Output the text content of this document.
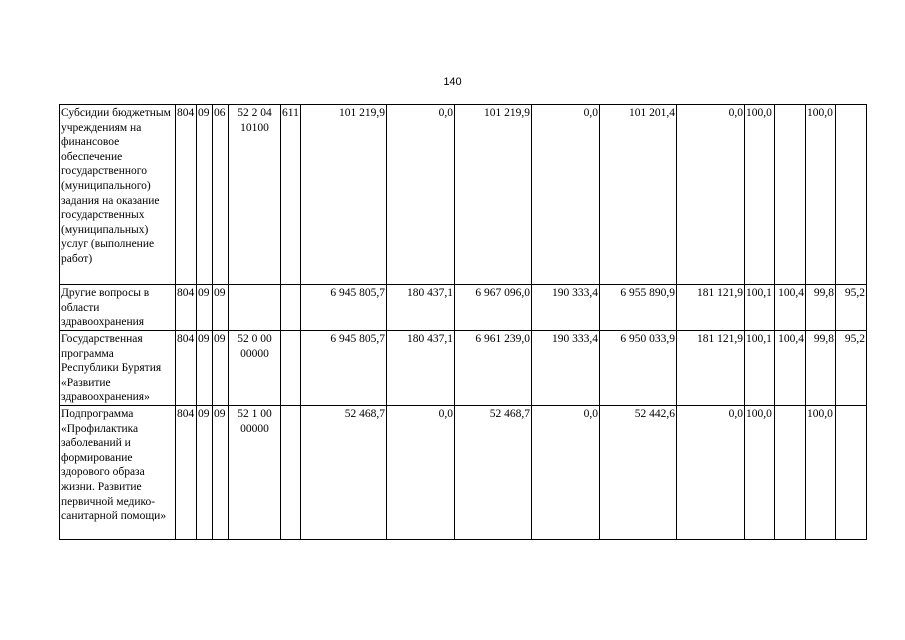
140
Субсидии бюджетным учреждениям на финансовое обеспечение государственного (муниципального) задания на оказание государственных (муниципальных) услуг (выполнение работ)	804	09	06	52 2 04 10100	611	101 219,9	0,0	101 219,9	0,0	101 201,4	0,0	100,0		100,0	
Другие вопросы в области здравоохранения	804	09	09			6 945 805,7	180 437,1	6 967 096,0	190 333,4	6 955 890,9	181 121,9	100,1	100,4	99,8	95,2
Государственная программа Республики Бурятия «Развитие здравоохранения»	804	09	09	52 0 00 00000		6 945 805,7	180 437,1	6 961 239,0	190 333,4	6 950 033,9	181 121,9	100,1	100,4	99,8	95,2
Подпрограмма «Профилактика заболеваний и формирование здорового образа жизни. Развитие первичной медико-санитарной помощи»	804	09	09	52 1 00 00000		52 468,7	0,0	52 468,7	0,0	52 442,6	0,0	100,0		100,0	
